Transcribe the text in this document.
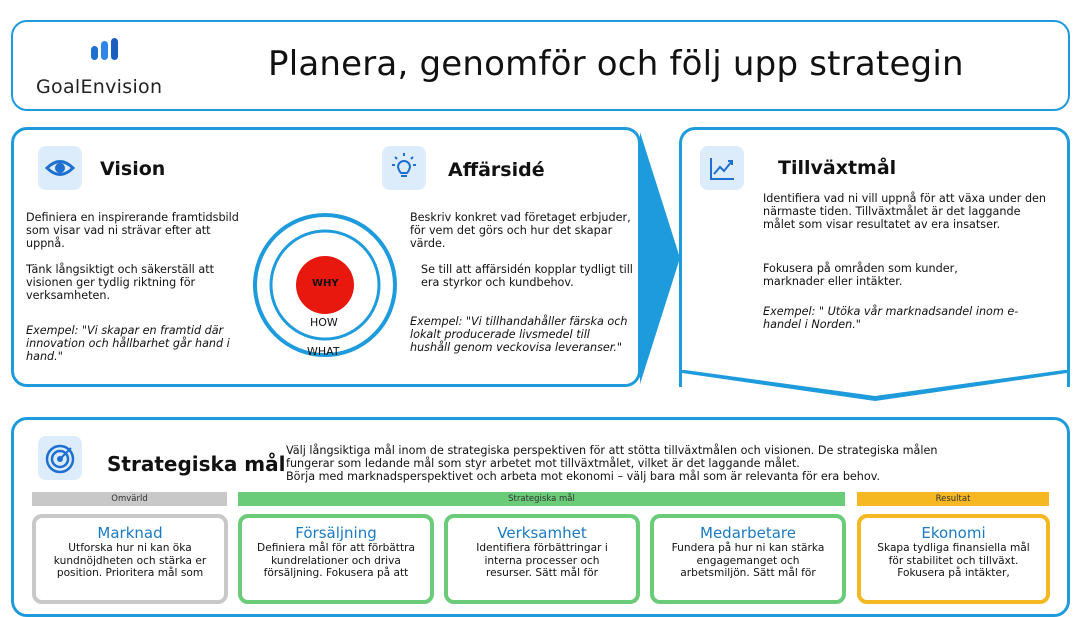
GoalEnvision
Planera, genomför och följ upp strategin
Vision
Definiera en inspirerande framtidsbild som visar vad ni strävar efter att uppnå.
Tänk långsiktigt och säkerställ att visionen ger tydlig riktning för verksamheten.
Exempel: "Vi skapar en framtid där innovation och hållbarhet går hand i hand."
WHY
HOW
WHAT
Affärsidé
Beskriv konkret vad företaget erbjuder, för vem det görs och hur det skapar värde.
Se till att affärsidén kopplar tydligt till era styrkor och kundbehov.
Exempel: "Vi tillhandahåller färska och lokalt producerade livsmedel till hushåll genom veckovisa leveranser."
Tillväxtmål
Identifiera vad ni vill uppnå för att växa under den närmaste tiden. Tillväxtmålet är det laggande målet som visar resultatet av era insatser.
Fokusera på områden som kunder, marknader eller intäkter.
Exempel: " Utöka vår marknadsandel inom e-handel i Norden."
Strategiska mål
Välj långsiktiga mål inom de strategiska perspektiven för att stötta tillväxtmålen och visionen. De strategiska målen
fungerar som ledande mål som styr arbetet mot tillväxtmålet, vilket är det laggande målet.
Börja med marknadsperspektivet och arbeta mot ekonomi – välj bara mål som är relevanta för era behov.
Omvärld	Strategiska mål	Resultat
Marknad
Utforska hur ni kan öka
kundnöjdheten och stärka er
position. Prioritera mål som
Försäljning
Definiera mål för att förbättra
kundrelationer och driva
försäljning. Fokusera på att
Verksamhet
Identifiera förbättringar i
interna processer och
resurser. Sätt mål för
Medarbetare
Fundera på hur ni kan stärka
engagemanget och
arbetsmiljön. Sätt mål för
Ekonomi
Skapa tydliga finansiella mål
för stabilitet och tillväxt.
Fokusera på intäkter,
